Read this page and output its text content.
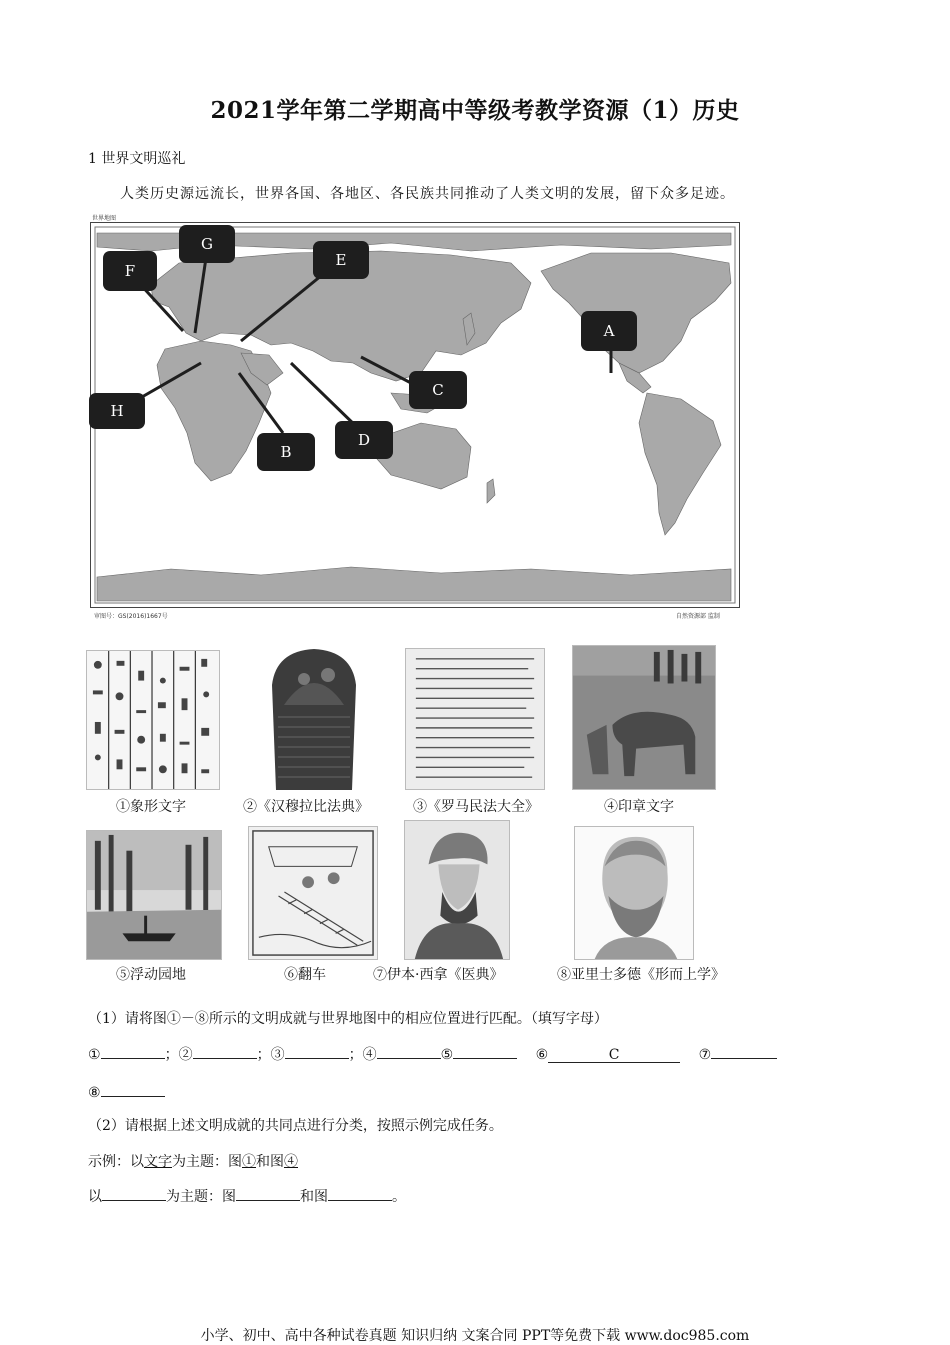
2021学年第二学期高中等级考教学资源（1）历史
1 世界文明巡礼
人类历史源远流长，世界各国、各地区、各民族共同推动了人类文明的发展，留下众多足迹。
世界地图
F
G
E
A
C
D
B
H
审图号：GS(2016)1667号	自然资源部 监制
①象形文字	②《汉穆拉比法典》	③《罗马民法大全》	④印章文字
⑤浮动园地	⑥翻车	⑦伊本·西拿《医典》	⑧亚里士多德《形而上学》
（1）请将图①－⑧所示的文明成就与世界地图中的相应位置进行匹配。（填写字母）
①	；②	；③	；④	⑤	⑥	C	⑦
⑧
（2）请根据上述文明成就的共同点进行分类，按照示例完成任务。
示例：以文字为主题：图①和图④
以	为主题：图	和图	。
小学、初中、高中各种试卷真题 知识归纳 文案合同 PPT等免费下载 www.doc985.com
